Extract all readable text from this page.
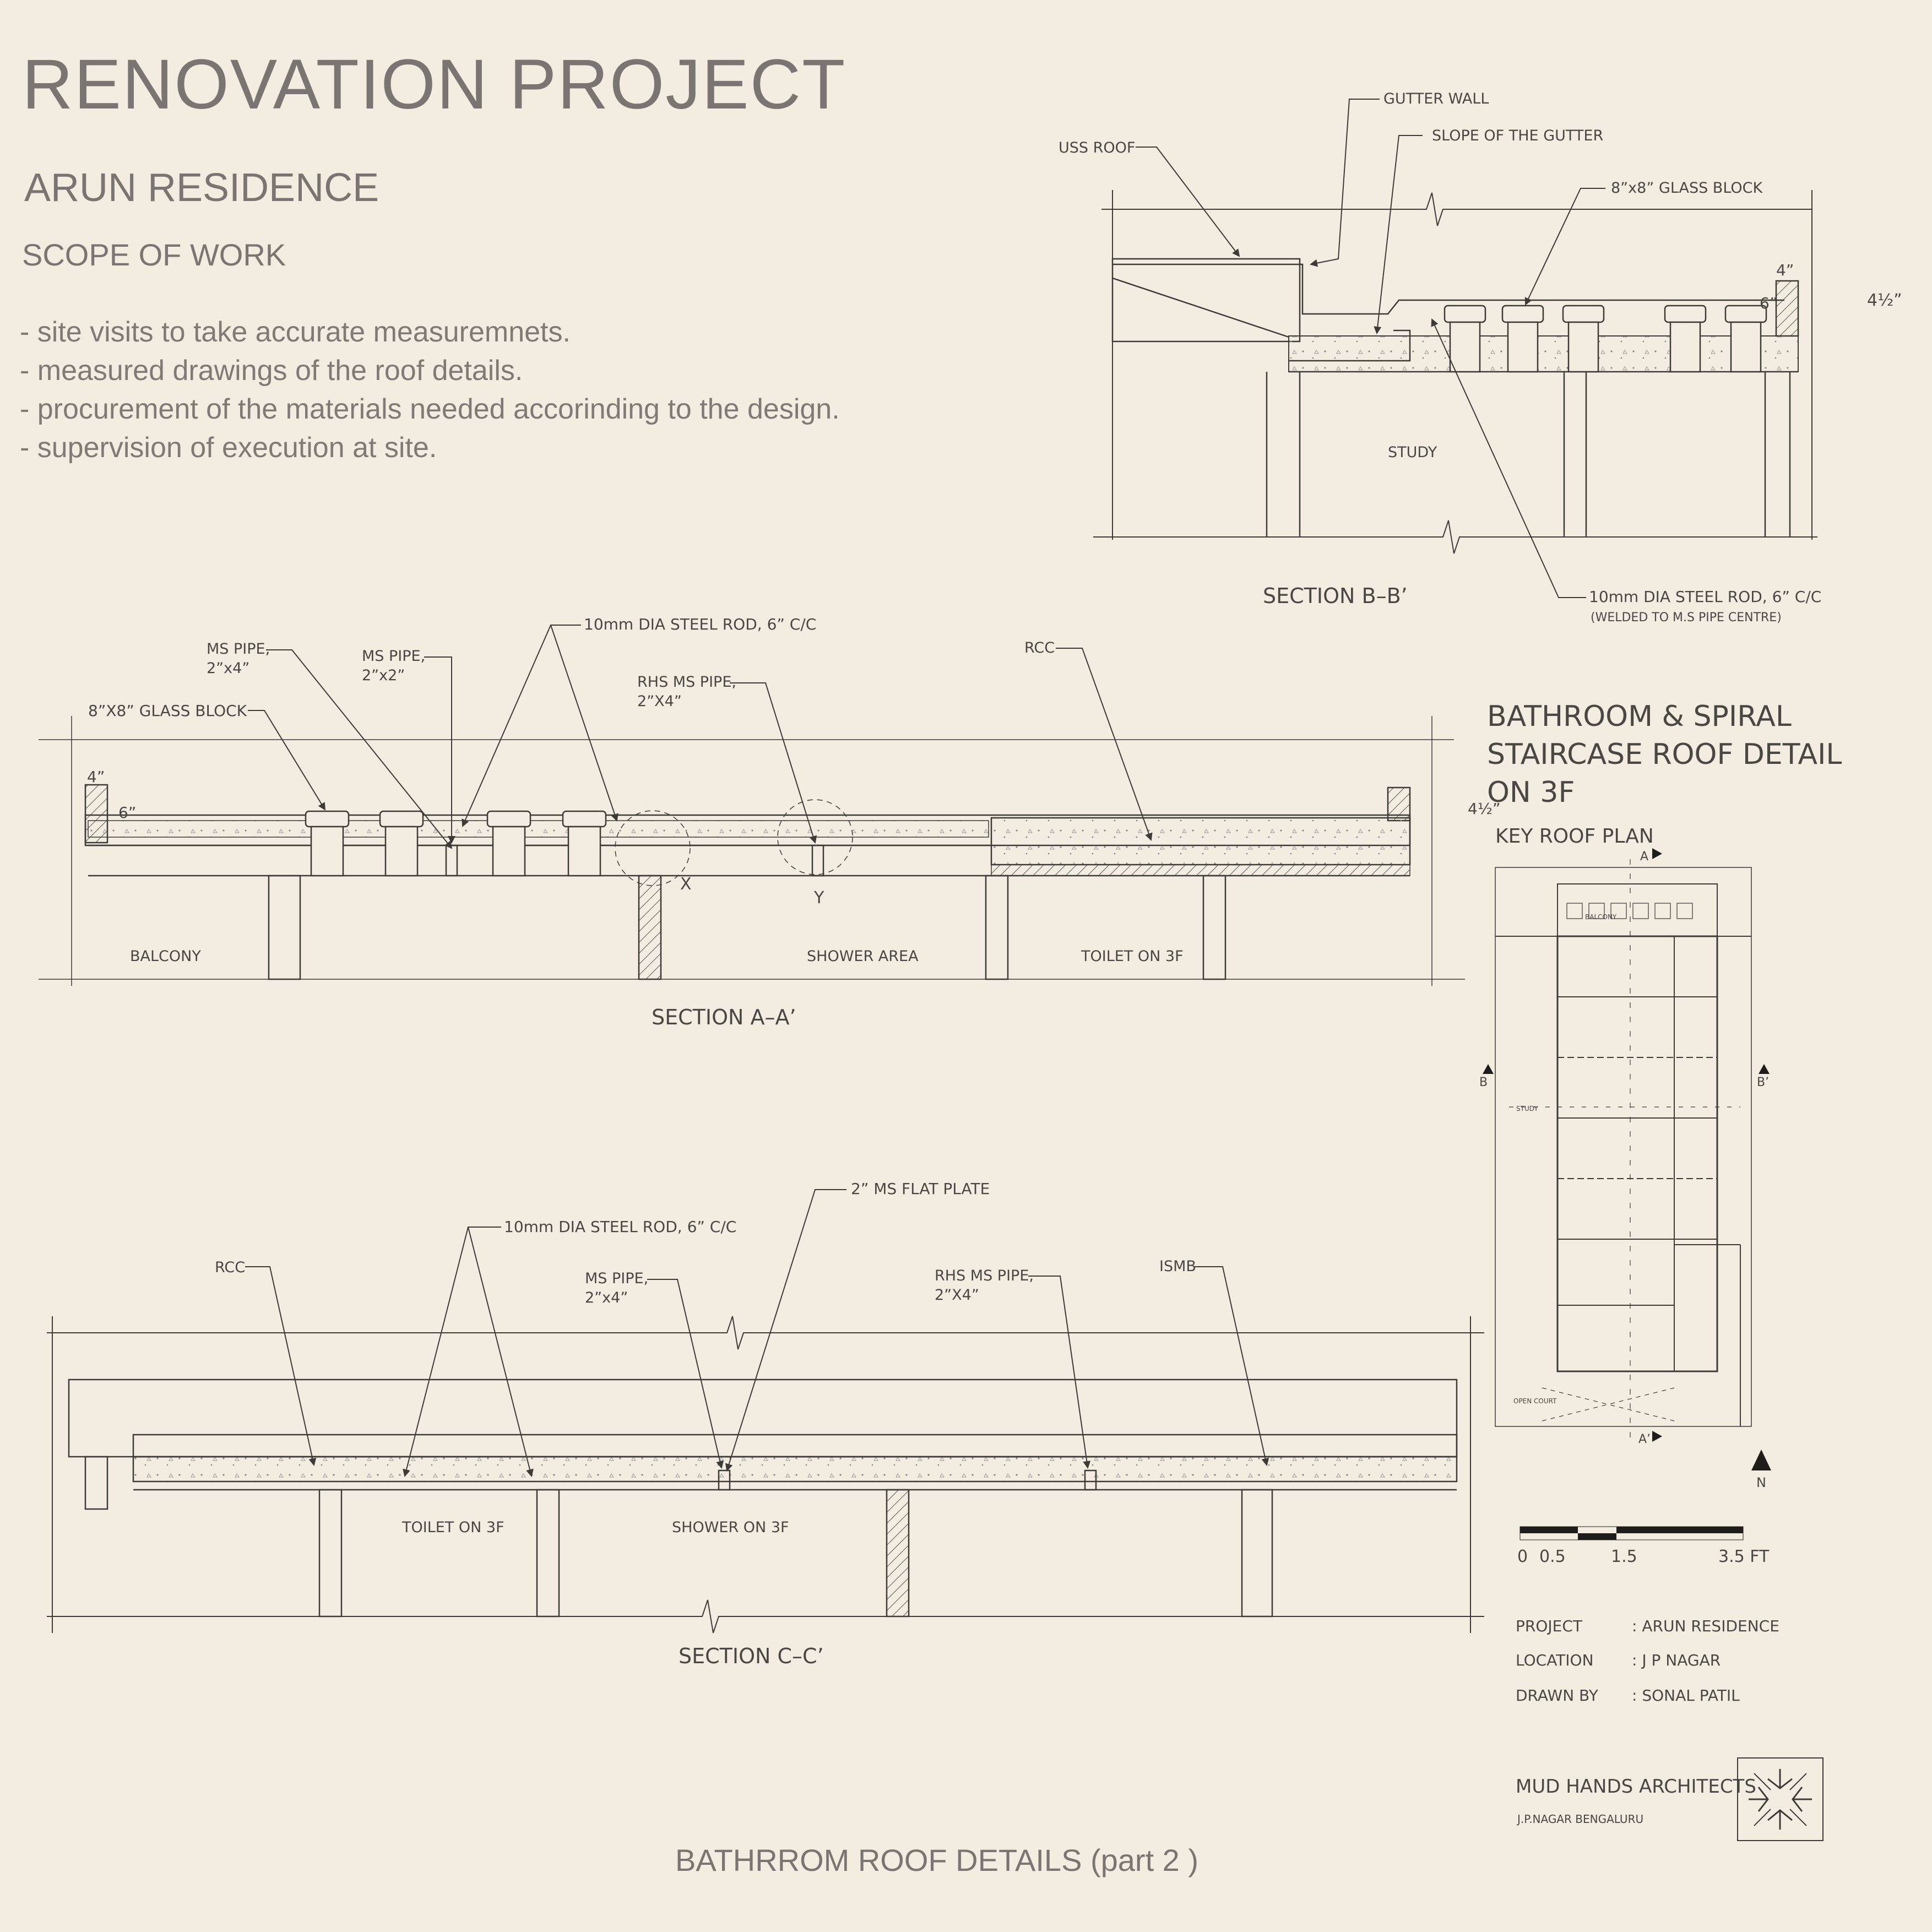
RENOVATION PROJECT
ARUN RESIDENCE
SCOPE OF WORK
- site visits to take accurate measuremnets.
- measured drawings of the roof details.
- procurement of the materials needed accorinding to the design.
- supervision of execution at site.
BATHRROM ROOF DETAILS (part 2 )
USS ROOF
GUTTER WALL
SLOPE OF THE GUTTER
8”x8” GLASS BLOCK
STUDY
10mm DIA STEEL ROD, 6” C/C
(WELDED TO M.S PIPE CENTRE)
4”
6”	4½”
SECTION B–B’
8”X8” GLASS BLOCK
MS PIPE,
2”x4”
MS PIPE,
2”x2”
10mm DIA STEEL ROD, 6” C/C
RHS MS PIPE,
2”X4”
RCC
4”
6”	4½”
X
Y
BALCONY	SHOWER AREA	TOILET ON 3F
SECTION A–A’
RCC
10mm DIA STEEL ROD, 6” C/C
2” MS FLAT PLATE
MS PIPE,
2”x4”
RHS MS PIPE,
2”X4”
ISMB
TOILET ON 3F	SHOWER ON 3F
SECTION C–C’
BATHROOM & SPIRAL
STAIRCASE ROOF DETAIL
ON 3F
KEY ROOF PLAN
A
A’
B	B’
BALCONY
STUDY
OPEN COURT
N
0 0.5	1.5	3.5 FT
PROJECT	: ARUN RESIDENCE
LOCATION : J P NAGAR
DRAWN BY : SONAL PATIL
MUD HANDS ARCHITECTS
J.P.NAGAR BENGALURU
